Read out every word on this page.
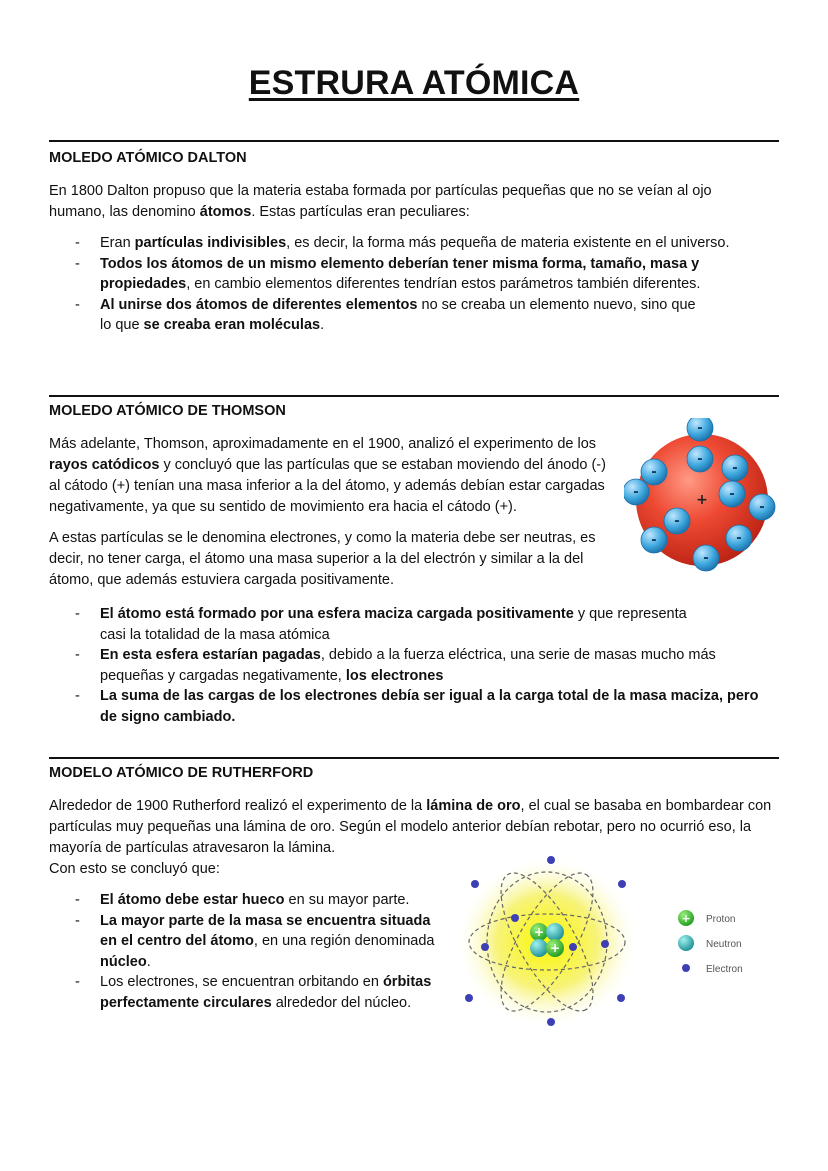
ESTRURA ATÓMICA
MOLEDO ATÓMICO DALTON

En 1800 Dalton propuso que la materia estaba formada por partículas pequeñas que no se veían al ojo humano, las denomino átomos. Estas partículas eran peculiares:

- Eran partículas indivisibles, es decir, la forma más pequeña de materia existente en el universo.
- Todos los átomos de un mismo elemento deberían tener misma forma, tamaño, masa y propiedades, en cambio elementos diferentes tendrían estos parámetros también diferentes.
- Al unirse dos átomos de diferentes elementos no se creaba un elemento nuevo, sino que
lo que se creaba eran moléculas.
MOLEDO ATÓMICO DE THOMSON

Más adelante, Thomson, aproximadamente en el 1900, analizó el experimento de los rayos catódicos y concluyó que las partículas que se estaban moviendo del ánodo (-) al cátodo (+) tenían una masa inferior a la del átomo, y además debían estar cargadas negativamente, ya que su sentido de movimiento era hacia el cátodo (+).

A estas partículas se le denomina electrones, y como la materia debe ser neutras, es decir, no tener carga, el átomo una masa superior a la del electrón y similar a la del átomo, que además estuviera cargada positivamente.

+
-
-
-
-
-
-
-
-
-
-
-
- El átomo está formado por una esfera maciza cargada positivamente y que representa
casi la totalidad de la masa atómica
- En esta esfera estarían pagadas, debido a la fuerza eléctrica, una serie de masas mucho más pequeñas y cargadas negativamente, los electrones
- La suma de las cargas de los electrones debía ser igual a la carga total de la masa maciza, pero de signo cambiado.
MODELO ATÓMICO DE RUTHERFORD

Alrededor de 1900 Rutherford realizó el experimento de la lámina de oro, el cual se basaba en bombardear con partículas muy pequeñas una lámina de oro. Según el modelo anterior debían rebotar, pero no ocurrió eso, la mayoría de partículas atravesaron la lámina.
Con esto se concluyó que:

- El átomo debe estar hueco en su mayor parte.
- La mayor parte de la masa se encuentra situada en el centro del átomo, en una región denominada núcleo.
- Los electrones, se encuentran orbitando en órbitas perfectamente circulares alrededor del núcleo.
+
+
+ Proton
Neutron
Electron
